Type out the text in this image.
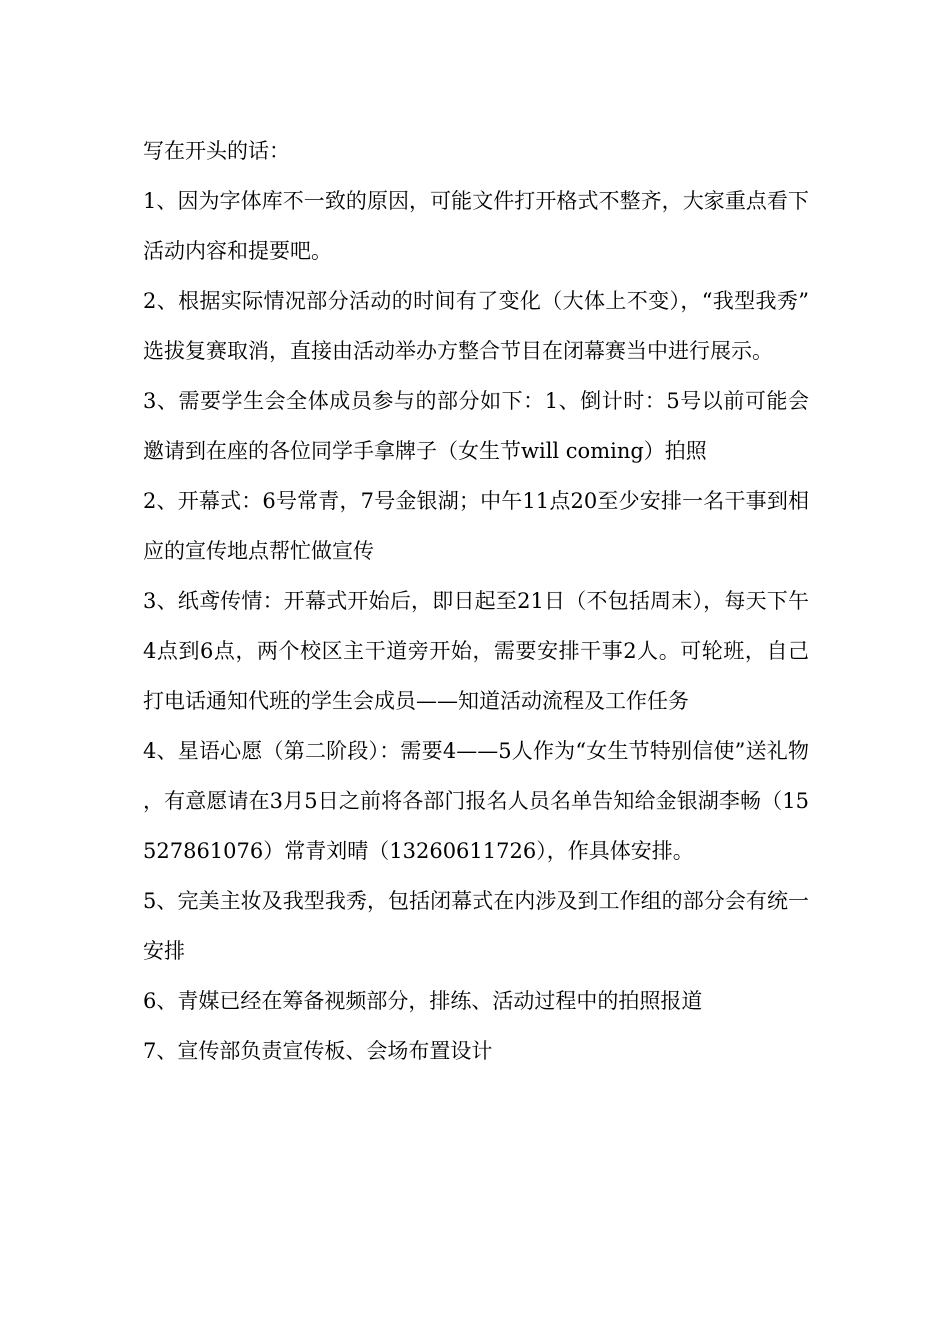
写在开头的话：

1、因为字体库不一致的原因，可能文件打开格式不整齐，大家重点看下活动内容和提要吧。

2、根据实际情况部分活动的时间有了变化（大体上不变），“我型我秀”选拔复赛取消，直接由活动举办方整合节目在闭幕赛当中进行展示。

3、需要学生会全体成员参与的部分如下：1、倒计时：5号以前可能会邀请到在座的各位同学手拿牌子（女生节will coming）拍照

2、开幕式：6号常青，7号金银湖；中午11点20至少安排一名干事到相应的宣传地点帮忙做宣传

3、纸鸢传情：开幕式开始后，即日起至21日（不包括周末），每天下午4点到6点，两个校区主干道旁开始，需要安排干事2人。可轮班，自己打电话通知代班的学生会成员——知道活动流程及工作任务

4、星语心愿（第二阶段）：需要4——5人作为“女生节特别信使”送礼物，有意愿请在3月5日之前将各部门报名人员名单告知给金银湖李畅（15527861076）常青刘晴（13260611726），作具体安排。

5、完美主妆及我型我秀，包括闭幕式在内涉及到工作组的部分会有统一安排

6、青媒已经在筹备视频部分，排练、活动过程中的拍照报道

7、宣传部负责宣传板、会场布置设计
